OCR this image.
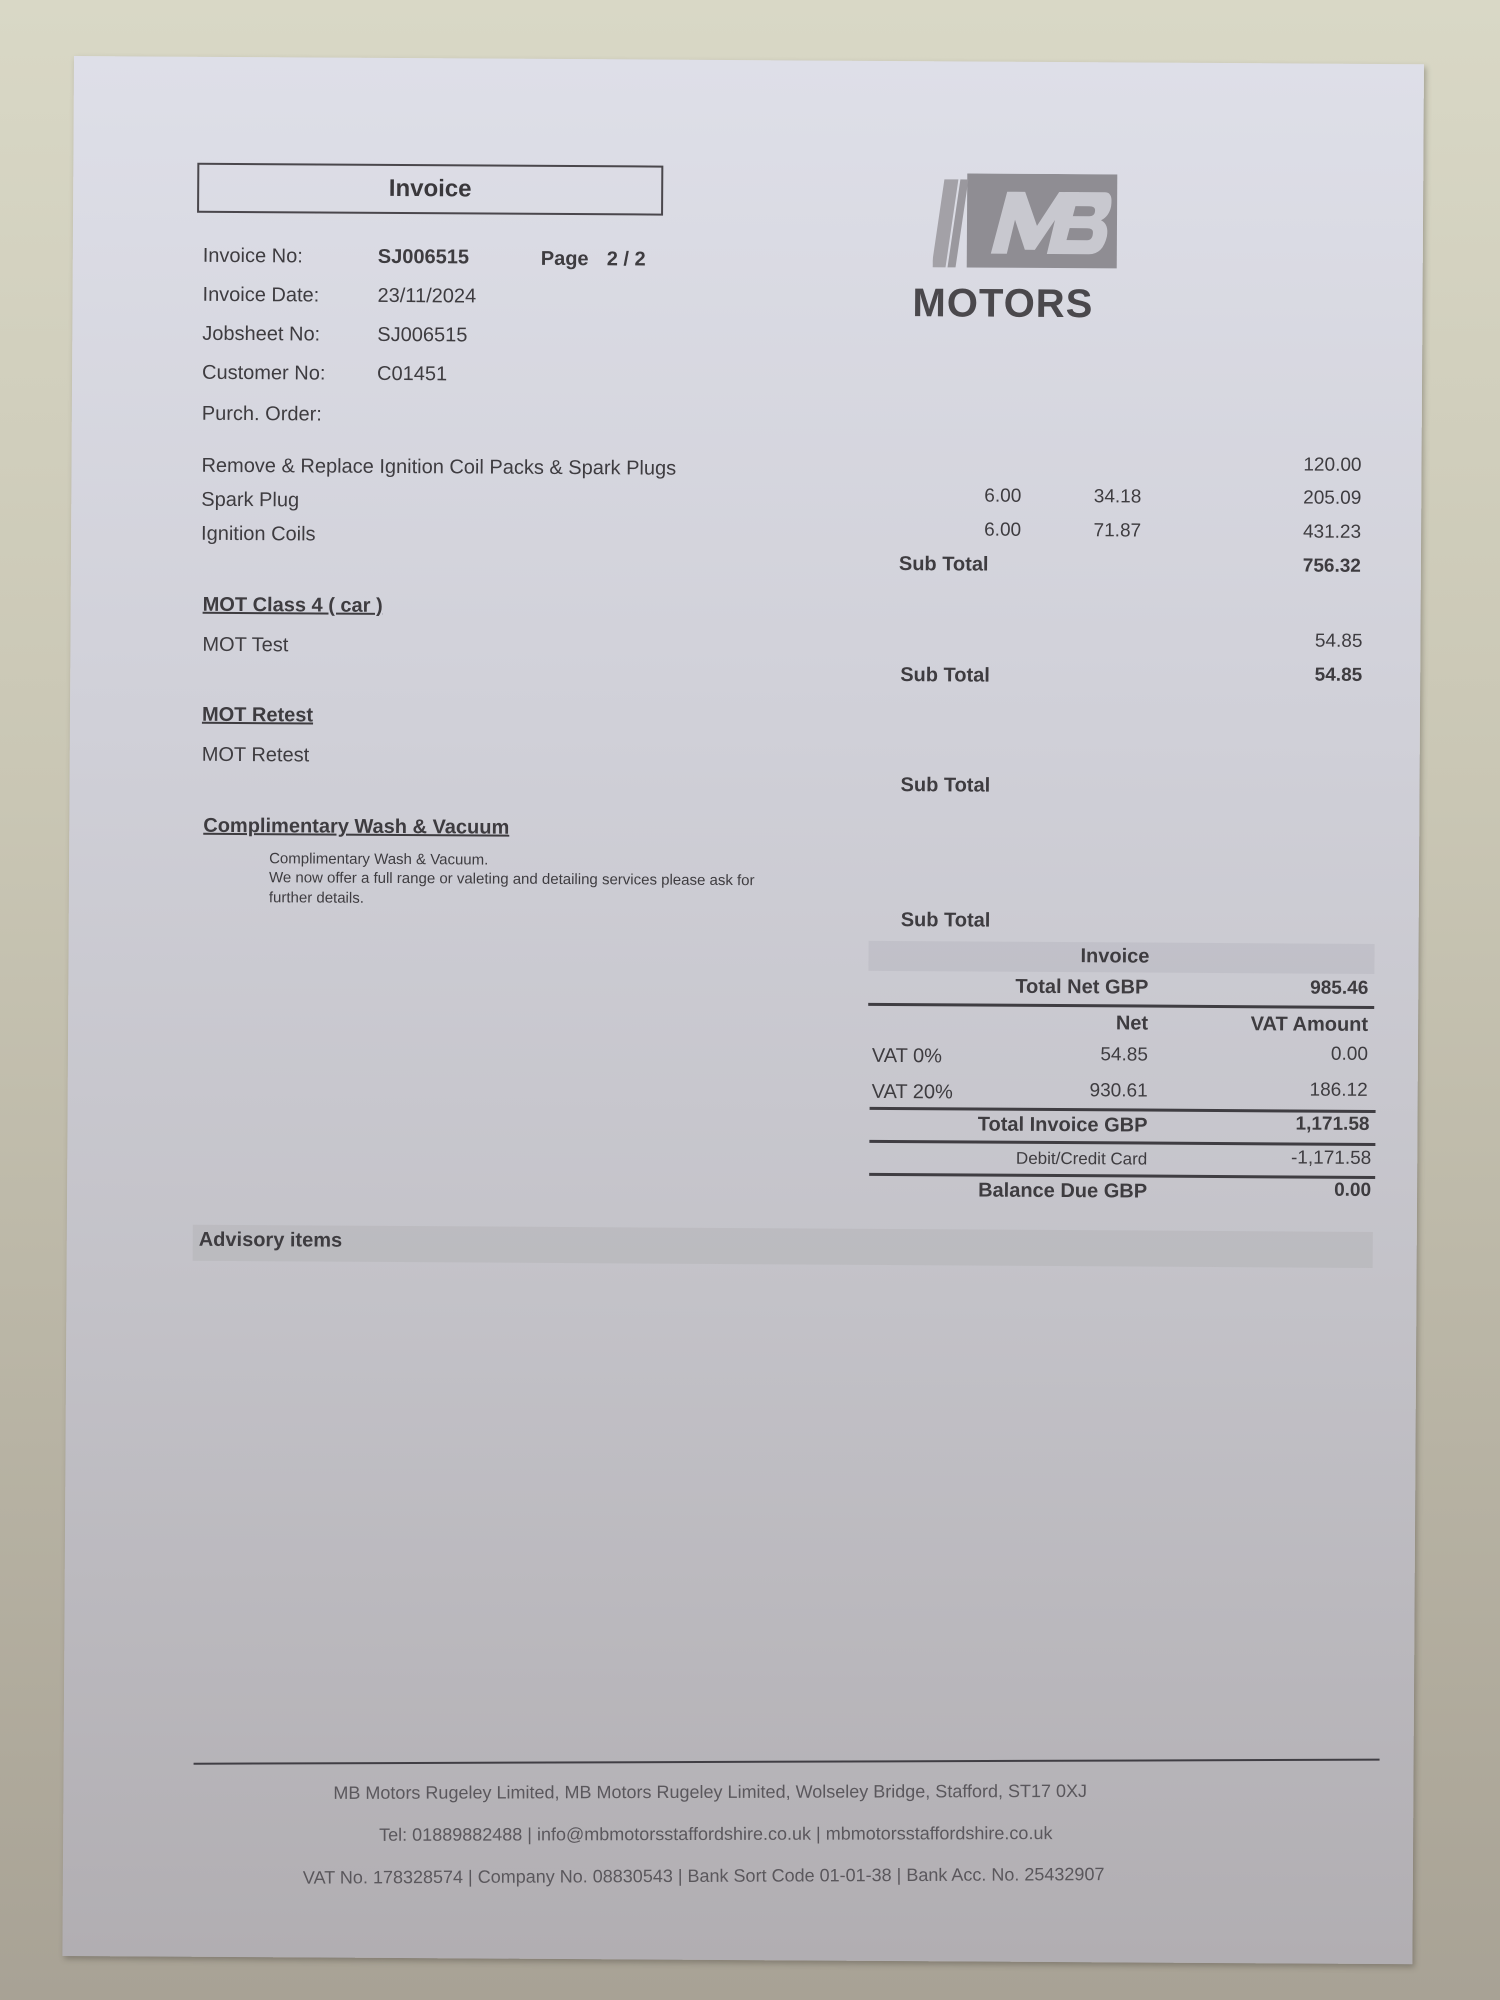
Invoice
Invoice No:	SJ006515	Page 2 / 2
Invoice Date:	23/11/2024
Jobsheet No:	SJ006515
Customer No:	C01451
Purch. Order:
MOTORS
Remove & Replace Ignition Coil Packs & Spark Plugs	120.00
Spark Plug	6.00	34.18	205.09
Ignition Coils	6.00	71.87	431.23
Sub Total	756.32
MOT Class 4 ( car )
MOT Test	54.85
Sub Total	54.85
MOT Retest
MOT Retest
Sub Total
Complimentary Wash & Vacuum
Complimentary Wash & Vacuum.
We now offer a full range or valeting and detailing services please ask for
further details.
Sub Total
Invoice
Total Net GBP	985.46
Net	VAT Amount
VAT 0%	54.85	0.00
VAT 20%	930.61	186.12
Total Invoice GBP	1,171.58
Debit/Credit Card	-1,171.58
Balance Due GBP	0.00
Advisory items
MB Motors Rugeley Limited, MB Motors Rugeley Limited, Wolseley Bridge, Stafford, ST17 0XJ
Tel: 01889882488 | info@mbmotorsstaffordshire.co.uk | mbmotorsstaffordshire.co.uk
VAT No. 178328574 | Company No. 08830543 | Bank Sort Code 01-01-38 | Bank Acc. No. 25432907
